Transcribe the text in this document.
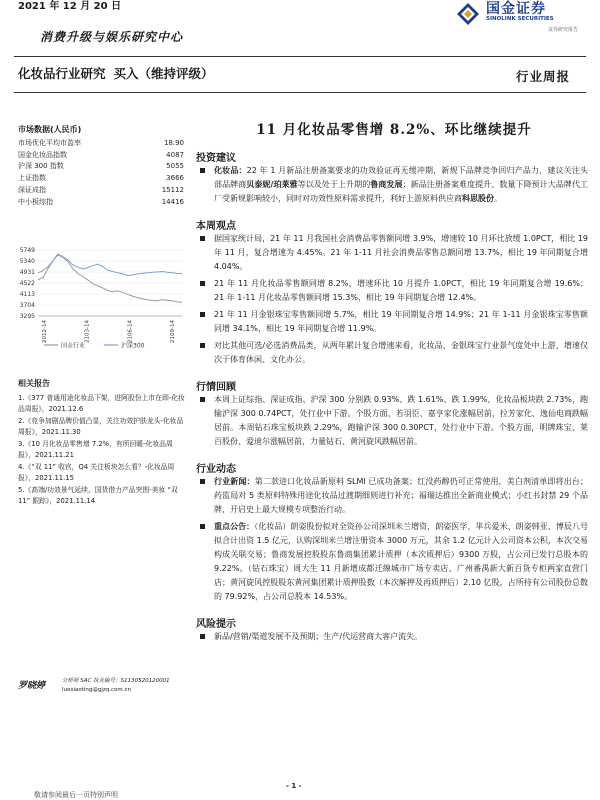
2021 年 12 月 20 日	国金证券
SINOLINK SECURITIES
证券研究报告
消费升级与娱乐研究中心
化妆品行业研究 买入（维持评级）	行业周报
市场数据(人民币)
市场优化平均市盈率	18.90
国金化妆品指数	4087
沪深 300 指数	5055
上证指数	3666
深证成指	15112
中小板综指	14416
5749
5340
4931
4522
4113
3704
3295
2012-14	2103-14	2106-14	2109-14
国金行业	沪深300
相关报告
1.《377 普通用途化妆品下架，进阿股份上市在即-化妆品周报》，2021.12.6
2.《竞争加剧品牌价值凸显，关注功效护肤龙头-化妆品周报》，2021.11.30
3.《10 月化妆品零售增 7.2%，有所回暖-化妆品周报》，2021.11.21
4.《“双 11” 收官，Q4 关注板块怎么看？-化妆品周报》，2021.11.15
5.《高端/功效景气延续，国货借力产品突围-美妆 “双 11” 跟踪》，2021.11.14
罗晓婷	分析师 SAC 执业编号：S1130520120001
luoxiaoting@gjzq.com.cn
- 1 -
敬请参阅最后一页特别声明
11 月化妆品零售增 8.2%、环比继续提升
投资建议
化妆品：22 年 1 月新品注册备案要求的功效验证再无缓冲期，新规下品牌竞争回归产品力，建议关注头部品牌商贝泰妮/珀莱雅等以及处于上升期的鲁商发展；新品注册备案难度提升、数量下降预计大品牌代工厂受新规影响较小，同时对功效性原料需求提升，利好上游原料供应商科思股份。
本周观点
据国家统计局，21 年 11 月我国社会消费品零售额同增 3.9%，增速较 10 月环比放缓 1.0PCT，相比 19 年 11 月，复合增速为 4.45%。21 年 1-11 月社会消费品零售总额同增 13.7%，相比 19 年同期复合增 4.04%。
21 年 11 月化妆品零售额同增 8.2%，增速环比 10 月提升 1.0PCT，相比 19 年同期复合增 19.6%；21 年 1-11 月化妆品零售额同增 15.3%，相比 19 年同期复合增 12.4%。
21 年 11 月金银珠宝零售额同增 5.7%，相比 19 年同期复合增 14.9%；21 年 1-11 月金银珠宝零售额同增 34.1%，相比 19 年同期复合增 11.9%。
对比其他可选/必选消费品类，从两年累计复合增速来看，化妆品、金银珠宝行业景气度处中上游，增速仅次于体育休闲、文化办公。
行情回顾
本周上证综指、深证成指、沪深 300 分别跌 0.93%、跌 1.61%、跌 1.99%，化妆品板块跌 2.73%，跑输沪深 300 0.74PCT，处行业中下游。个股方面，若羽臣、嘉亨家化涨幅居前，拉芳家化、逸仙电商跌幅居前。本周钻石珠宝板块跌 2.29%，跑输沪深 300 0.30PCT，处行业中下游。个股方面，明牌珠宝、莱百股份、爱迪尔涨幅居前，力量钻石、黄河旋风跌幅居前。
行业动态
行业新闻：第二款进口化妆品新原料 SLMI 已成功备案；红没药醇仍可正常使用，美白剂清单即将出台；药监局对 5 类原料特殊用途化妆品过渡期细则进行补充；福瑞达推出全新商业模式；小红书封禁 29 个品牌，开启史上最大规模专项整治行动。
重点公告：（化妆品）朗姿股份拟对全资孙公司深圳米兰增资，朗姿医学、芈兵爱米、朗姿韩亚、博辰八号拟合计出资 1.5 亿元，认购深圳米兰增注册资本 3000 万元，其余 1.2 亿元计入公司资本公积，本次交易构成关联交易；鲁商发展控股股东鲁商集团累计质押（本次质押后）9300 万股，占公司已发行总股本的 9.22%。（钻石珠宝）周大生 11 月新增成都迁線城市广场专卖店、广州番禺新大新百货专柜两家直营门店；黄河旋风控股股东黄河集团累计质押股数（本次解押及再质押后）2.10 亿股，占所持有公司股份总数的 79.92%，占公司总股本 14.53%。
风险提示
新品/营销/渠道发展不及预期；生产/代运营商大客户流失。
